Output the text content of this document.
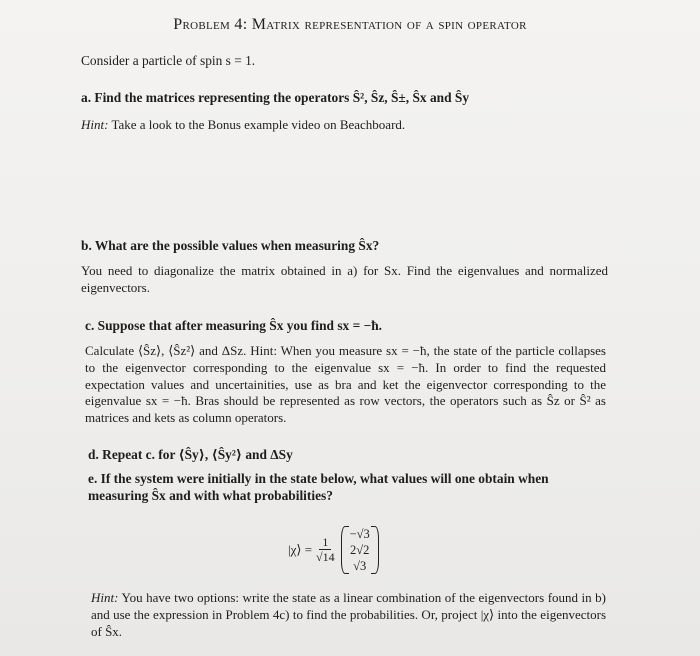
Problem 4: Matrix representation of a spin operator
Consider a particle of spin s = 1.
a. Find the matrices representing the operators Ŝ², Ŝz, Ŝ±, Ŝx and Ŝy
Hint: Take a look to the Bonus example video on Beachboard.
b. What are the possible values when measuring Ŝx?
You need to diagonalize the matrix obtained in a) for Sx. Find the eigenvalues and normalized eigenvectors.
c. Suppose that after measuring Ŝx you find sx = −ħ.
Calculate ⟨Ŝz⟩, ⟨Ŝz²⟩ and ΔSz. Hint: When you measure sx = −ħ, the state of the particle collapses to the eigenvector corresponding to the eigenvalue sx = −ħ. In order to find the requested expectation values and uncertainities, use as bra and ket the eigenvector corresponding to the eigenvalue sx = −ħ. Bras should be represented as row vectors, the operators such as Ŝz or Ŝ² as matrices and kets as column operators.
d. Repeat c. for ⟨Ŝy⟩, ⟨Ŝy²⟩ and ΔSy
e. If the system were initially in the state below, what values will one obtain when
measuring Ŝx and with what probabilities?
|χ⟩ = $\frac{1}{√14}$
−√3
2√2
√3
Hint: You have two options: write the state as a linear combination of the eigenvectors found in b) and use the expression in Problem 4c) to find the probabilities. Or, project |χ⟩ into the eigenvectors of Ŝx.
